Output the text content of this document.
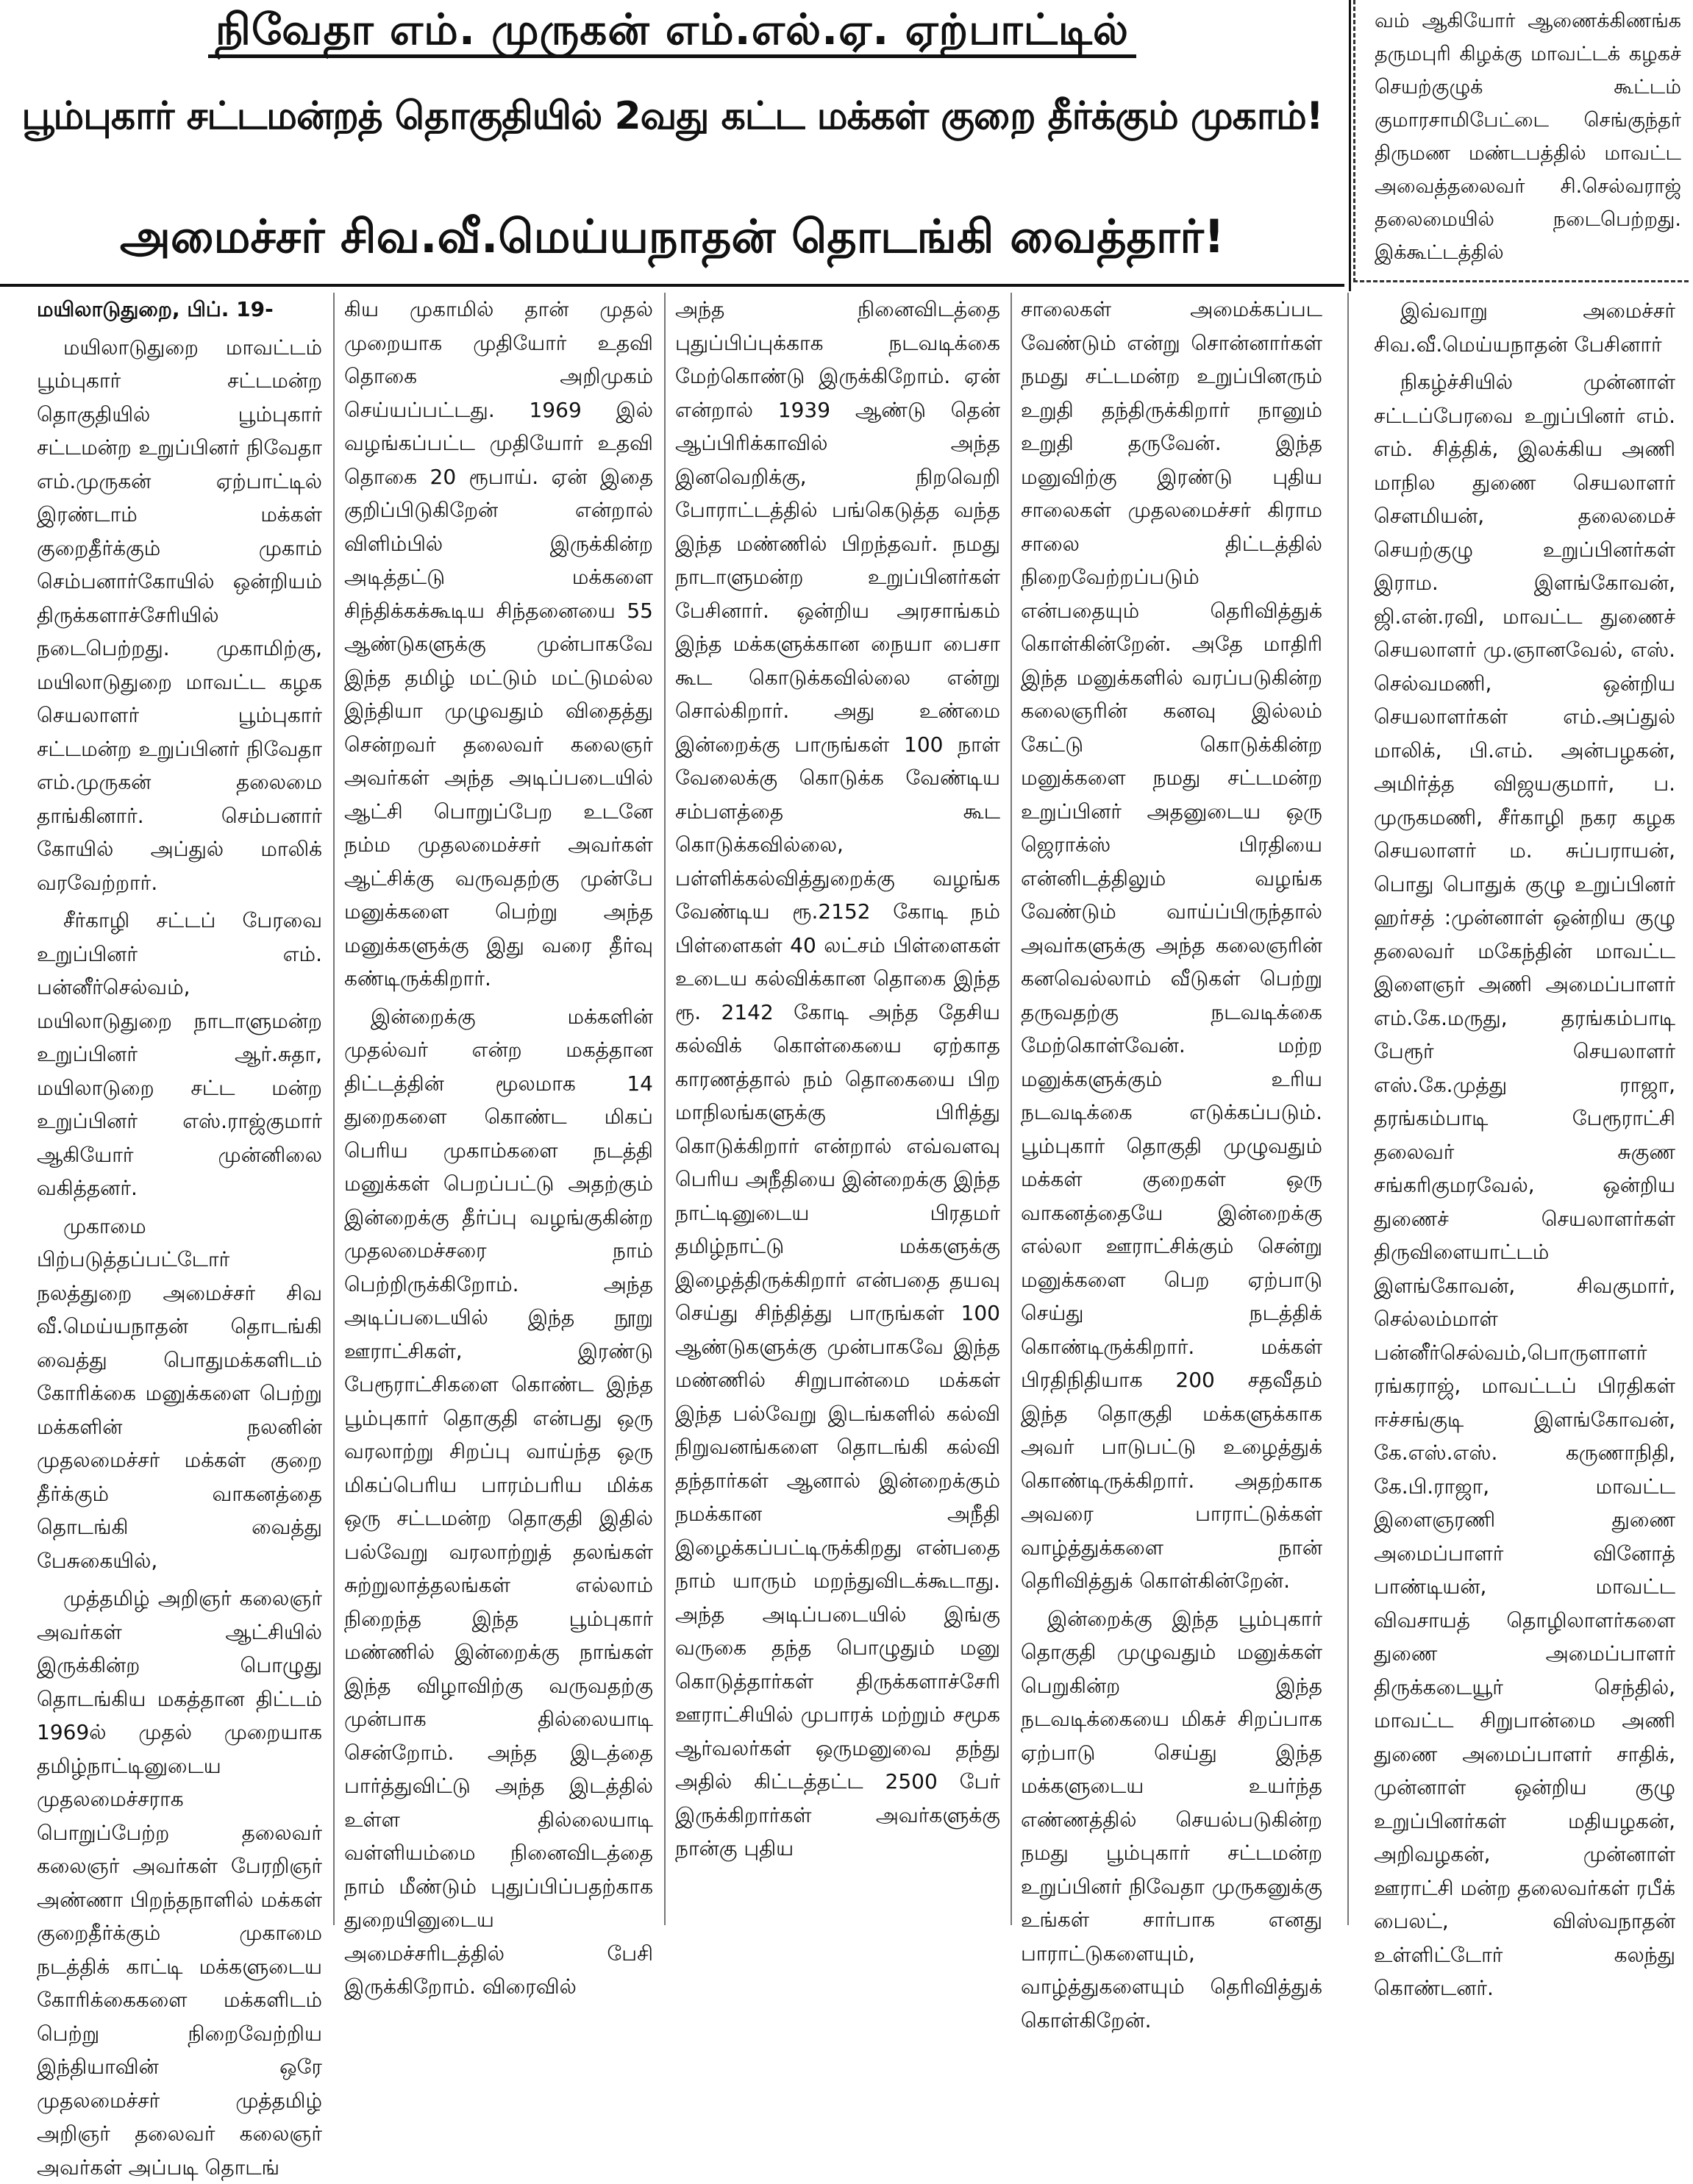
நிவேதா எம். முருகன் எம்.எல்.ஏ. ஏற்பாட்டில்
பூம்புகார் சட்டமன்றத் தொகுதியில் 2வது கட்ட மக்கள் குறை தீர்க்கும் முகாம்!
அமைச்சர் சிவ.வீ.மெய்யநாதன் தொடங்கி வைத்தார்!
வம் ஆகியோர் ஆணைக்கிணங்க தருமபுரி கிழக்கு மாவட்டக் கழகச் செயற்குழுக் கூட்டம் குமாரசாமிபேட்டை செங்குந்தர் திருமண மண்டபத்தில் மாவட்ட அவைத்தலைவர் சி.செல்வராஜ் தலைமையில் நடைபெற்றது. இக்கூட்டத்தில்

மயிலாடுதுறை, பிப். 19-

மயிலாடுதுறை மாவட்டம் பூம்புகார் சட்டமன்ற தொகுதியில் பூம்புகார் சட்டமன்ற உறுப்பினர் நிவேதா எம்.முருகன் ஏற்பாட்டில் இரண்டாம் மக்கள் குறைதீர்க்கும் முகாம் செம்பனார்கோயில் ஒன்றியம் திருக்களாச்சேரியில் நடைபெற்றது. முகாமிற்கு, மயிலாடுதுறை மாவட்ட கழக செயலாளர் பூம்புகார் சட்டமன்ற உறுப்பினர் நிவேதா எம்.முருகன் தலைமை தாங்கினார். செம்பனார் கோயில் அப்துல் மாலிக் வரவேற்றார்.

சீர்காழி சட்டப் பேரவை உறுப்பினர் எம். பன்னீர்செல்வம், மயிலாடுதுறை நாடாளுமன்ற உறுப்பினர் ஆர்.சுதா, மயிலாடுறை சட்ட மன்ற உறுப்பினர் எஸ்.ராஜ்குமார் ஆகியோர் முன்னிலை வகித்தனர்.

முகாமை பிற்படுத்தப்பட்டோர் நலத்துறை அமைச்சர் சிவ வீ.மெய்யநாதன் தொடங்கி வைத்து பொதுமக்களிடம் கோரிக்கை மனுக்களை பெற்று மக்களின் நலனின் முதலமைச்சர் மக்கள் குறை தீர்க்கும் வாகனத்தை தொடங்கி வைத்து பேசுகையில்,

முத்தமிழ் அறிஞர் கலைஞர் அவர்கள் ஆட்சியில் இருக்கின்ற பொழுது தொடங்கிய மகத்தான திட்டம் 1969ல் முதல் முறையாக தமிழ்நாட்டினுடைய முதலமைச்சராக பொறுப்பேற்ற தலைவர் கலைஞர் அவர்கள் பேரறிஞர் அண்ணா பிறந்தநாளில் மக்கள் குறைதீர்க்கும் முகாமை நடத்திக் காட்டி மக்களுடைய கோரிக்கைகளை மக்களிடம் பெற்று நிறைவேற்றிய இந்தியாவின் ஒரே முதலமைச்சர் முத்தமிழ் அறிஞர் தலைவர் கலைஞர் அவர்கள் அப்படி தொடங்

கிய முகாமில் தான் முதல் முறையாக முதியோர் உதவி தொகை அறிமுகம் செய்யப்பட்டது. 1969 இல் வழங்கப்பட்ட முதியோர் உதவி தொகை 20 ரூபாய். ஏன் இதை குறிப்பிடுகிறேன் என்றால் விளிம்பில் இருக்கின்ற அடித்தட்டு மக்களை சிந்திக்கக்கூடிய சிந்தனையை 55 ஆண்டுகளுக்கு முன்பாகவே இந்த தமிழ் மட்டும் மட்டுமல்ல இந்தியா முழுவதும் விதைத்து சென்றவர் தலைவர் கலைஞர் அவர்கள் அந்த அடிப்படையில் ஆட்சி பொறுப்பேற உடனே நம்ம முதலமைச்சர் அவர்கள் ஆட்சிக்கு வருவதற்கு முன்பே மனுக்களை பெற்று அந்த மனுக்களுக்கு இது வரை தீர்வு கண்டிருக்கிறார்.

இன்றைக்கு மக்களின் முதல்வர் என்ற மகத்தான திட்டத்தின் மூலமாக 14 துறைகளை கொண்ட மிகப் பெரிய முகாம்களை நடத்தி மனுக்கள் பெறப்பட்டு அதற்கும் இன்றைக்கு தீர்ப்பு வழங்குகின்ற முதலமைச்சரை நாம் பெற்றிருக்கிறோம். அந்த அடிப்படையில் இந்த நூறு ஊராட்சிகள், இரண்டு பேரூராட்சிகளை கொண்ட இந்த பூம்புகார் தொகுதி என்பது ஒரு வரலாற்று சிறப்பு வாய்ந்த ஒரு மிகப்பெரிய பாரம்பரிய மிக்க ஒரு சட்டமன்ற தொகுதி இதில் பல்வேறு வரலாற்றுத் தலங்கள் சுற்றுலாத்தலங்கள் எல்லாம் நிறைந்த இந்த பூம்புகார் மண்ணில் இன்றைக்கு நாங்கள் இந்த விழாவிற்கு வருவதற்கு முன்பாக தில்லையாடி சென்றோம். அந்த இடத்தை பார்த்துவிட்டு அந்த இடத்தில் உள்ள தில்லையாடி வள்ளியம்மை நினைவிடத்தை நாம் மீண்டும் புதுப்பிப்பதற்காக துறையினுடைய அமைச்சரிடத்தில் பேசி இருக்கிறோம். விரைவில்

அந்த நினைவிடத்தை புதுப்பிப்புக்காக நடவடிக்கை மேற்கொண்டு இருக்கிறோம். ஏன் என்றால் 1939 ஆண்டு தென் ஆப்பிரிக்காவில் அந்த இனவெறிக்கு, நிறவெறி போராட்டத்தில் பங்கெடுத்த வந்த இந்த மண்ணில் பிறந்தவர். நமது நாடாளுமன்ற உறுப்பினர்கள் பேசினார். ஒன்றிய அரசாங்கம் இந்த மக்களுக்கான நையா பைசா கூட கொடுக்கவில்லை என்று சொல்கிறார். அது உண்மை இன்றைக்கு பாருங்கள் 100 நாள் வேலைக்கு கொடுக்க வேண்டிய சம்பளத்தை கூட கொடுக்கவில்லை, பள்ளிக்கல்வித்துறைக்கு வழங்க வேண்டிய ரூ.2152 கோடி நம் பிள்ளைகள் 40 லட்சம் பிள்ளைகள் உடைய கல்விக்கான தொகை இந்த ரூ. 2142 கோடி அந்த தேசிய கல்விக் கொள்கையை ஏற்காத காரணத்தால் நம் தொகையை பிற மாநிலங்களுக்கு பிரித்து கொடுக்கிறார் என்றால் எவ்வளவு பெரிய அநீதியை இன்றைக்கு இந்த நாட்டினுடைய பிரதமர் தமிழ்நாட்டு மக்களுக்கு இழைத்திருக்கிறார் என்பதை தயவு செய்து சிந்தித்து பாருங்கள் 100 ஆண்டுகளுக்கு முன்பாகவே இந்த மண்ணில் சிறுபான்மை மக்கள் இந்த பல்வேறு இடங்களில் கல்வி நிறுவனங்களை தொடங்கி கல்வி தந்தார்கள் ஆனால் இன்றைக்கும் நமக்கான அநீதி இழைக்கப்பட்டிருக்கிறது என்பதை நாம் யாரும் மறந்துவிடக்கூடாது. அந்த அடிப்படையில் இங்கு வருகை தந்த பொழுதும் மனு கொடுத்தார்கள் திருக்களாச்சேரி ஊராட்சியில் முபாரக் மற்றும் சமூக ஆர்வலர்கள் ஒருமனுவை தந்து அதில் கிட்டத்தட்ட 2500 பேர் இருக்கிறார்கள் அவர்களுக்கு நான்கு புதிய

சாலைகள் அமைக்கப்பட வேண்டும் என்று சொன்னார்கள் நமது சட்டமன்ற உறுப்பினரும் உறுதி தந்திருக்கிறார் நானும் உறுதி தருவேன். இந்த மனுவிற்கு இரண்டு புதிய சாலைகள் முதலமைச்சர் கிராம சாலை திட்டத்தில் நிறைவேற்றப்படும் என்பதையும் தெரிவித்துக் கொள்கின்றேன். அதே மாதிரி இந்த மனுக்களில் வரப்படுகின்ற கலைஞரின் கனவு இல்லம் கேட்டு கொடுக்கின்ற மனுக்களை நமது சட்டமன்ற உறுப்பினர் அதனுடைய ஒரு ஜெராக்ஸ் பிரதியை என்னிடத்திலும் வழங்க வேண்டும் வாய்ப்பிருந்தால் அவர்களுக்கு அந்த கலைஞரின் கனவெல்லாம் வீடுகள் பெற்று தருவதற்கு நடவடிக்கை மேற்கொள்வேன். மற்ற மனுக்களுக்கும் உரிய நடவடிக்கை எடுக்கப்படும். பூம்புகார் தொகுதி முழுவதும் மக்கள் குறைகள் ஒரு வாகனத்தையே இன்றைக்கு எல்லா ஊராட்சிக்கும் சென்று மனுக்களை பெற ஏற்பாடு செய்து நடத்திக் கொண்டிருக்கிறார். மக்கள் பிரதிநிதியாக 200 சதவீதம் இந்த தொகுதி மக்களுக்காக அவர் பாடுபட்டு உழைத்துக் கொண்டிருக்கிறார். அதற்காக அவரை பாராட்டுக்கள் வாழ்த்துக்களை நான் தெரிவித்துக் கொள்கின்றேன்.

இன்றைக்கு இந்த பூம்புகார் தொகுதி முழுவதும் மனுக்கள் பெறுகின்ற இந்த நடவடிக்கையை மிகச் சிறப்பாக ஏற்பாடு செய்து இந்த மக்களுடைய உயர்ந்த எண்ணத்தில் செயல்படுகின்ற நமது பூம்புகார் சட்டமன்ற உறுப்பினர் நிவேதா முருகனுக்கு உங்கள் சார்பாக எனது பாராட்டுகளையும், வாழ்த்துகளையும் தெரிவித்துக் கொள்கிறேன்.

இவ்வாறு அமைச்சர் சிவ.வீ.மெய்யநாதன் பேசினார்

நிகழ்ச்சியில் முன்னாள் சட்டப்பேரவை உறுப்பினர் எம். எம். சித்திக், இலக்கிய அணி மாநில துணை செயலாளர் சௌமியன், தலைமைச் செயற்குழு உறுப்பினர்கள் இராம. இளங்கோவன், ஜி.என்.ரவி, மாவட்ட துணைச் செயலாளர் மு.ஞானவேல், எஸ். செல்வமணி, ஒன்றிய செயலாளர்கள் எம்.அப்துல் மாலிக், பி.எம். அன்பழகன், அமிர்த்த விஜயகுமார், ப. முருகமணி, சீர்காழி நகர கழக செயலாளர் ம. சுப்பராயன், பொது பொதுக் குழு உறுப்பினர் ஹர்சத் :முன்னாள் ஒன்றிய குழு தலைவர் மகேந்தின் மாவட்ட இளைஞர் அணி அமைப்பாளர் எம்.கே.மருது, தரங்கம்பாடி பேரூர் செயலாளர் எஸ்.கே.முத்து ராஜா, தரங்கம்பாடி பேரூராட்சி தலைவர் சுகுண சங்கரிகுமரவேல், ஒன்றிய துணைச் செயலாளர்கள் திருவிளையாட்டம் இளங்கோவன், சிவகுமார், செல்லம்மாள் பன்னீர்செல்வம்,பொருளாளர் ரங்கராஜ், மாவட்டப் பிரதிகள் ஈச்சங்குடி இளங்கோவன், கே.எஸ்.எஸ். கருணாநிதி, கே.பி.ராஜா, மாவட்ட இளைஞரணி துணை அமைப்பாளர் வினோத் பாண்டியன், மாவட்ட விவசாயத் தொழிலாளர்களை துணை அமைப்பாளர் திருக்கடையூர் செந்தில், மாவட்ட சிறுபான்மை அணி துணை அமைப்பாளர் சாதிக், முன்னாள் ஒன்றிய குழு உறுப்பினர்கள் மதியழகன், அறிவழகன், முன்னாள் ஊராட்சி மன்ற தலைவர்கள் ரபீக் பைலட், விஸ்வநாதன் உள்ளிட்டோர் கலந்து கொண்டனர்.
